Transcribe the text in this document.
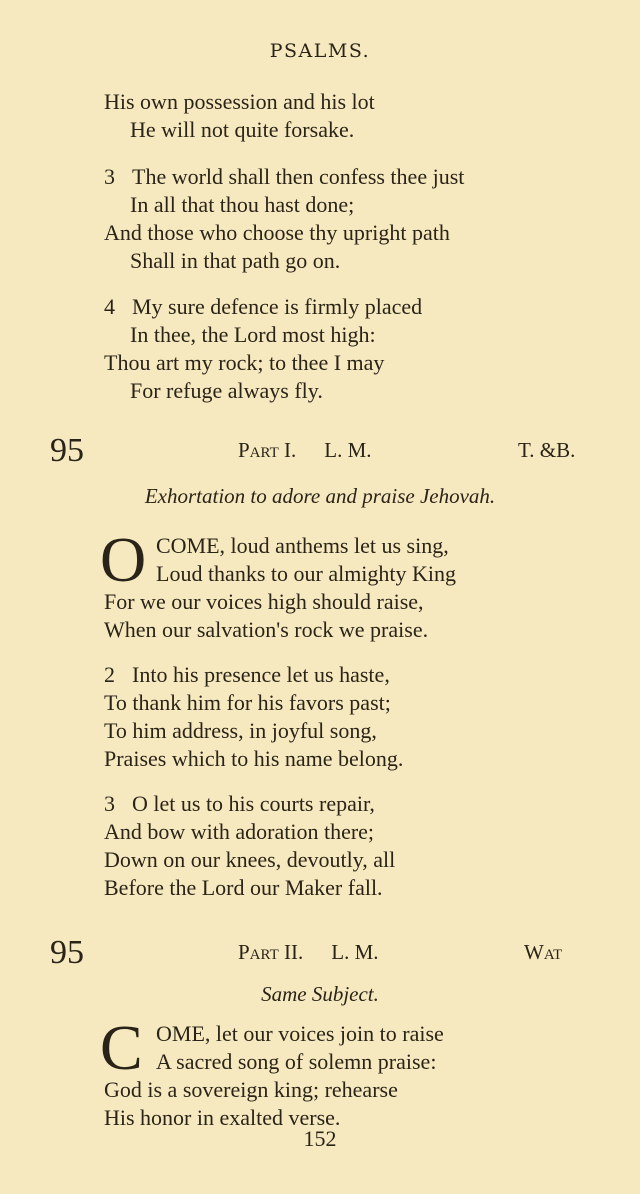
PSALMS.
His own possession and his lot
He will not quite forsake.
3 The world shall then confess thee just
In all that thou hast done;
And those who choose thy upright path
Shall in that path go on.
4 My sure defence is firmly placed
In thee, the Lord most high:
Thou art my rock; to thee I may
For refuge always fly.
95	Part I. L. M.	T. &B.
Exhortation to adore and praise Jehovah.
O COME, loud anthems let us sing,
Loud thanks to our almighty King
For we our voices high should raise,
When our salvation's rock we praise.
2 Into his presence let us haste,
To thank him for his favors past;
To him address, in joyful song,
Praises which to his name belong.
3 O let us to his courts repair,
And bow with adoration there;
Down on our knees, devoutly, all
Before the Lord our Maker fall.
95	Part II. L. M.	Wat
Same Subject.
C OME, let our voices join to raise
A sacred song of solemn praise:
God is a sovereign king; rehearse
His honor in exalted verse.
152
